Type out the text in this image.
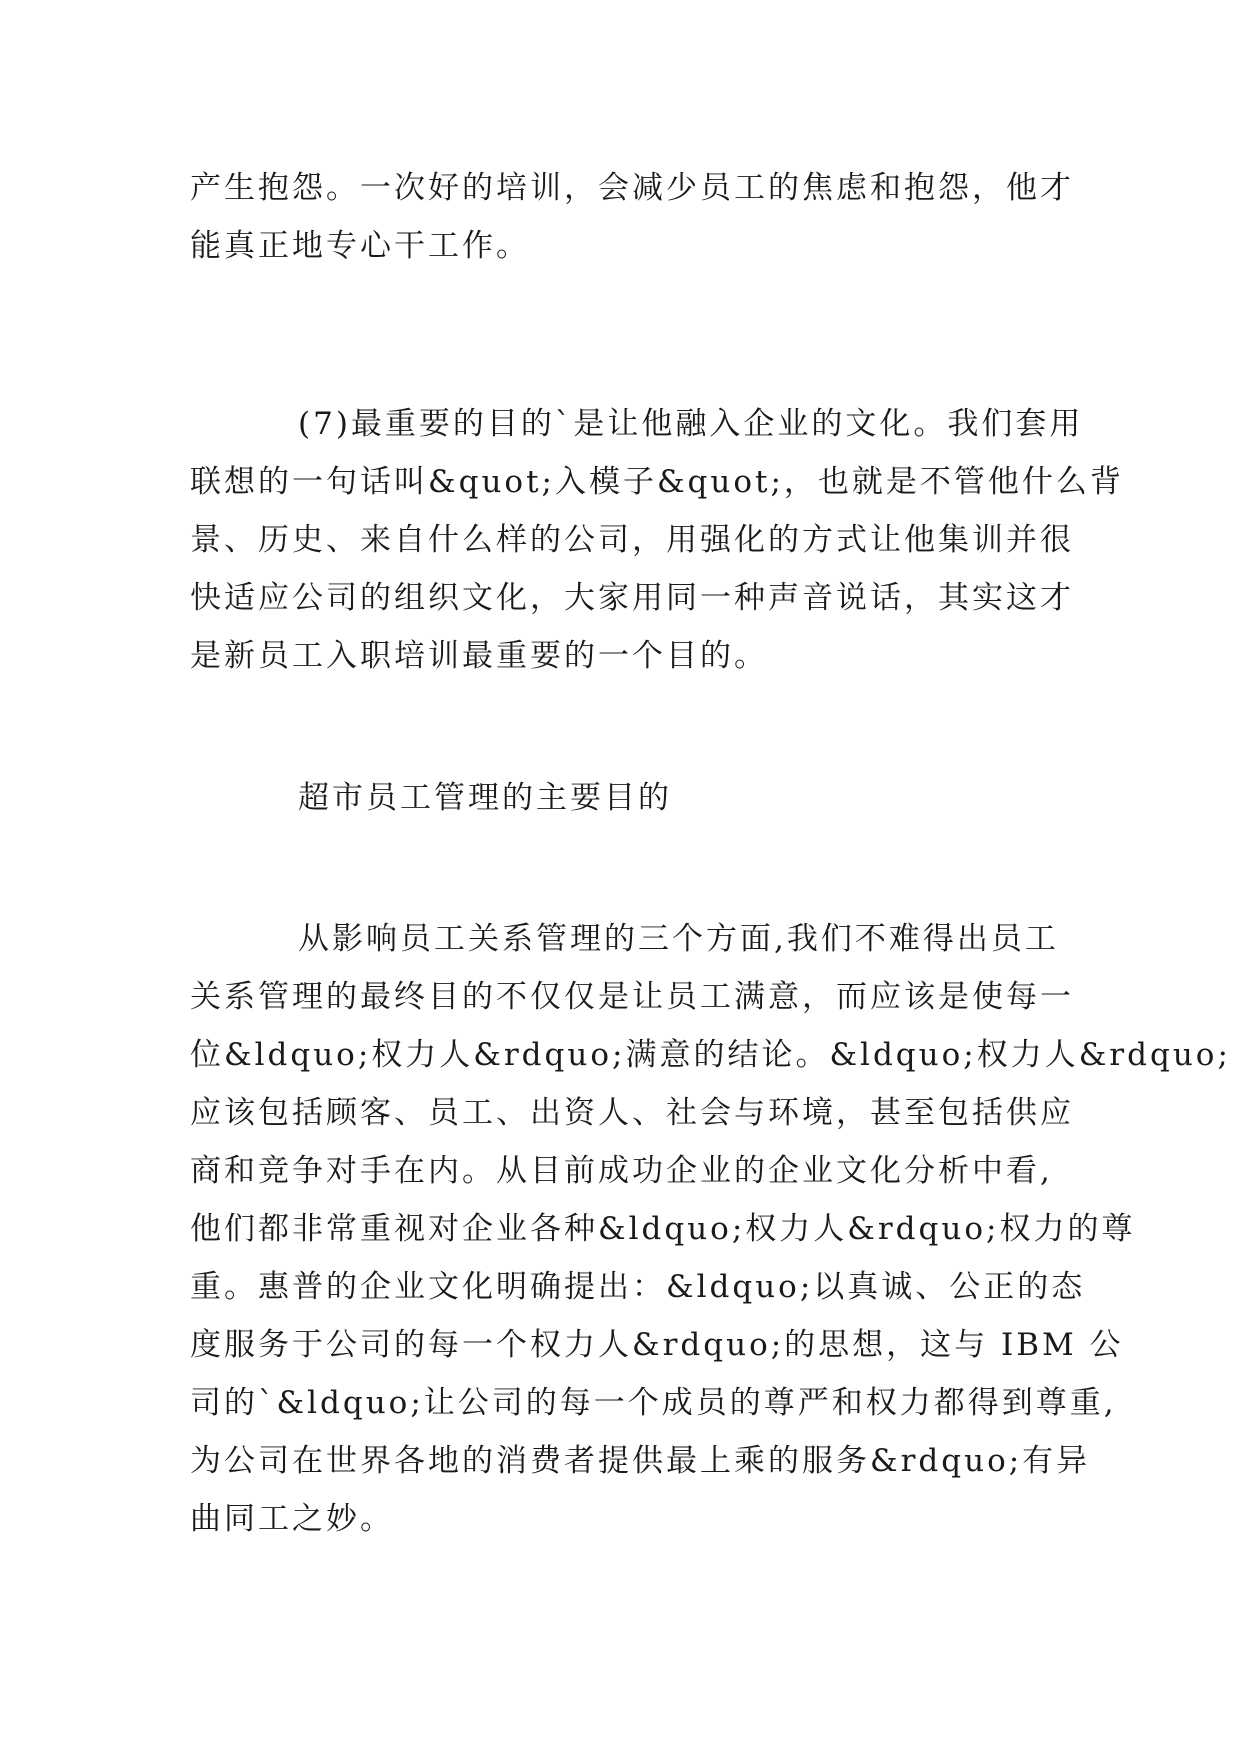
产生抱怨。一次好的培训，会减少员工的焦虑和抱怨，他才
能真正地专心干工作。
(7)最重要的目的`是让他融入企业的文化。我们套用
联想的一句话叫&quot;入模子&quot;，也就是不管他什么背
景、历史、来自什么样的公司，用强化的方式让他集训并很
快适应公司的组织文化，大家用同一种声音说话，其实这才
是新员工入职培训最重要的一个目的。
超市员工管理的主要目的
从影响员工关系管理的三个方面,我们不难得出员工
关系管理的最终目的不仅仅是让员工满意，而应该是使每一
位&ldquo;权力人&rdquo;满意的结论。&ldquo;权力人&rdquo;
应该包括顾客、员工、出资人、社会与环境，甚至包括供应
商和竞争对手在内。从目前成功企业的企业文化分析中看,
他们都非常重视对企业各种&ldquo;权力人&rdquo;权力的尊
重。惠普的企业文化明确提出：&ldquo;以真诚、公正的态
度服务于公司的每一个权力人&rdquo;的思想，这与 IBM 公
司的`&ldquo;让公司的每一个成员的尊严和权力都得到尊重,
为公司在世界各地的消费者提供最上乘的服务&rdquo;有异
曲同工之妙。
